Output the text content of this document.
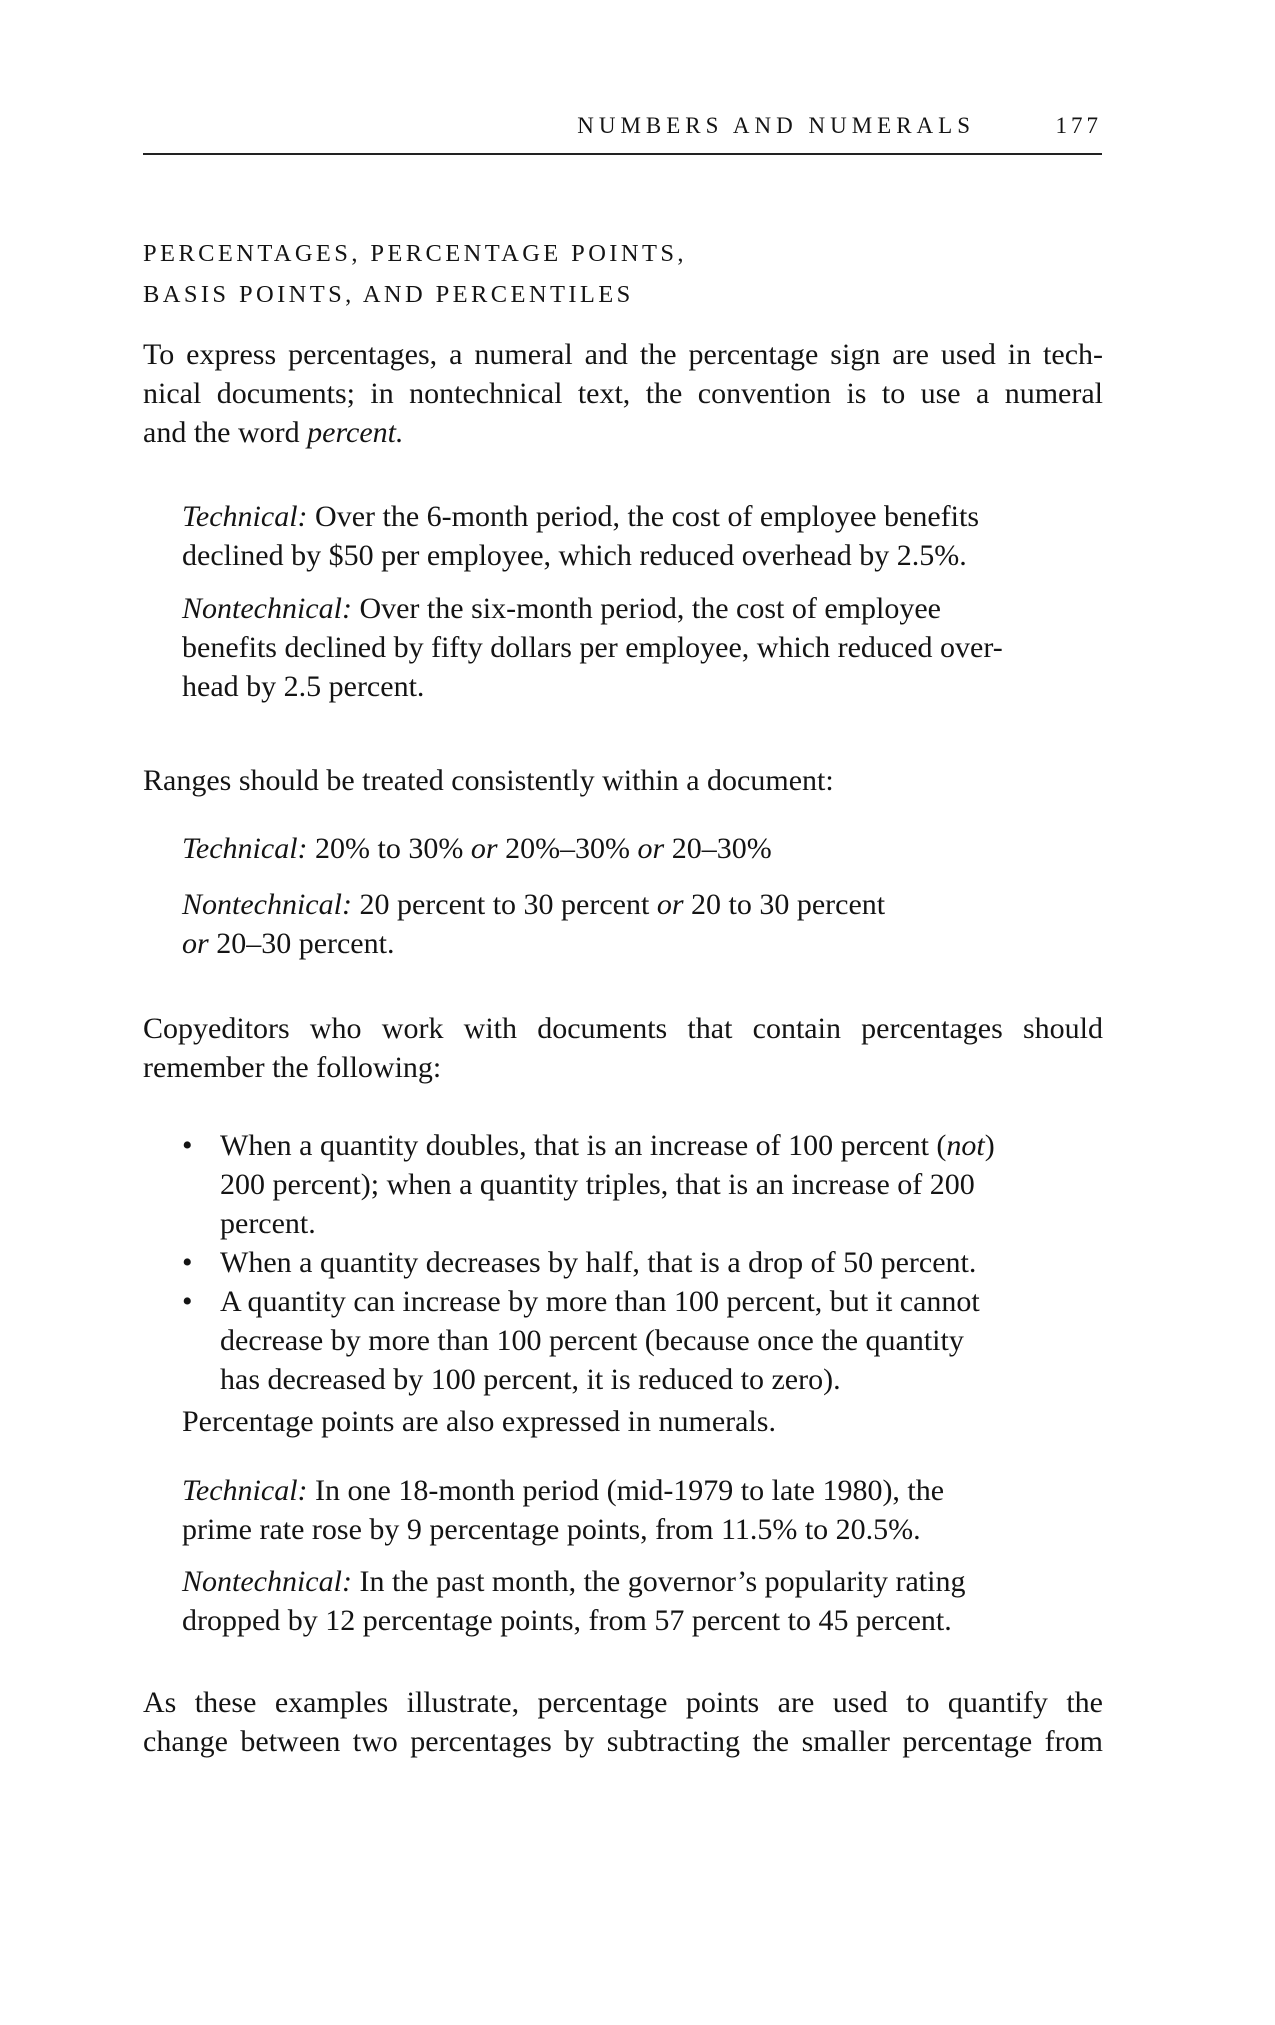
NUMBERS AND NUMERALS	177
PERCENTAGES, PERCENTAGE POINTS,
BASIS POINTS, AND PERCENTILES
To express percentages, a numeral and the percentage sign are used in tech-
nical documents; in nontechnical text, the convention is to use a numeral
and the word percent.
Technical: Over the 6-month period, the cost of employee benefits
declined by $50 per employee, which reduced overhead by 2.5%.
Nontechnical: Over the six-month period, the cost of employee
benefits declined by fifty dollars per employee, which reduced over-
head by 2.5 percent.
Ranges should be treated consistently within a document:
Technical: 20% to 30% or 20%–30% or 20–30%
Nontechnical: 20 percent to 30 percent or 20 to 30 percent
or 20–30 percent.
Copyeditors who work with documents that contain percentages should
remember the following:
• When a quantity doubles, that is an increase of 100 percent (not)
200 percent); when a quantity triples, that is an increase of 200
percent.
• When a quantity decreases by half, that is a drop of 50 percent.
• A quantity can increase by more than 100 percent, but it cannot
decrease by more than 100 percent (because once the quantity
has decreased by 100 percent, it is reduced to zero).
Percentage points are also expressed in numerals.
Technical: In one 18-month period (mid-1979 to late 1980), the
prime rate rose by 9 percentage points, from 11.5% to 20.5%.
Nontechnical: In the past month, the governor’s popularity rating
dropped by 12 percentage points, from 57 percent to 45 percent.
As these examples illustrate, percentage points are used to quantify the
change between two percentages by subtracting the smaller percentage from
